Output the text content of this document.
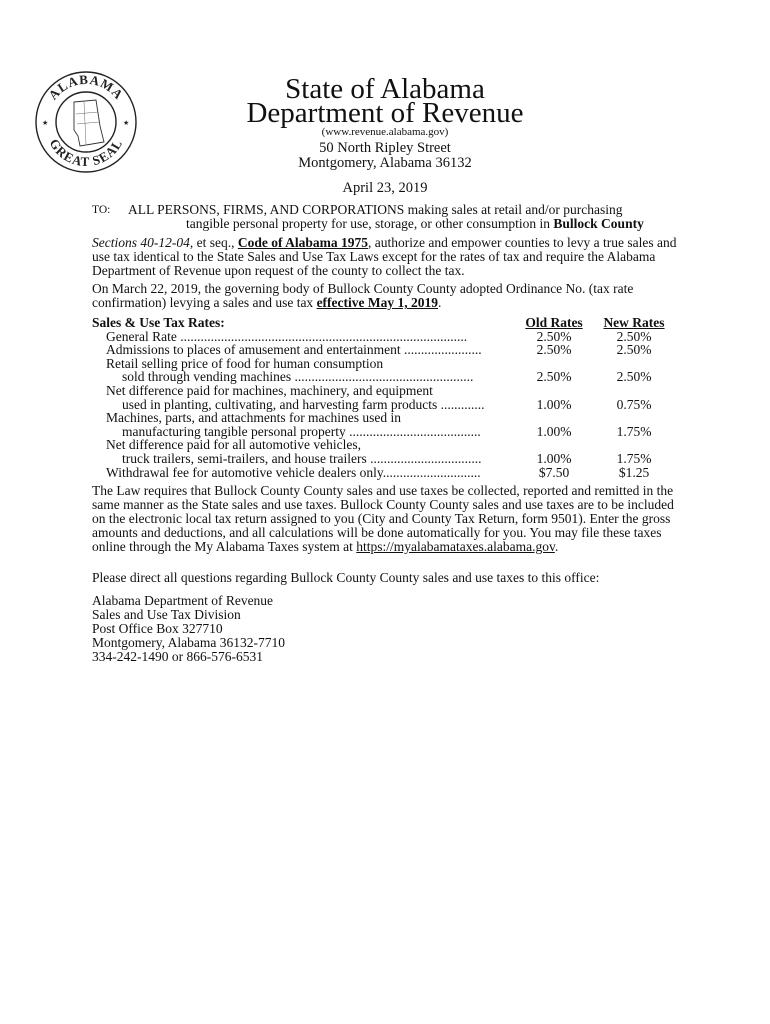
ALABAMA
GREAT SEAL
★	★
State of Alabama
Department of Revenue
(www.revenue.alabama.gov)
50 North Ripley Street
Montgomery, Alabama 36132
April 23, 2019
TO: ALL PERSONS, FIRMS, AND CORPORATIONS making sales at retail and/or purchasing
tangible personal property for use, storage, or other consumption in Bullock County
Sections 40-12-04, et seq., Code of Alabama 1975, authorize and empower counties to levy a true sales and use tax identical to the State Sales and Use Tax Laws except for the rates of tax and require the Alabama Department of Revenue upon request of the county to collect the tax.
On March 22, 2019, the governing body of Bullock County County adopted Ordinance No. (tax rate confirmation) levying a sales and use tax effective May 1, 2019.
Sales & Use Tax Rates:	Old Rates	New Rates
General Rate .....................................................................................	2.50%	2.50%
Admissions to places of amusement and entertainment .......................	2.50%	2.50%
Retail selling price of food for human consumption
sold through vending machines .....................................................	2.50%	2.50%
Net difference paid for machines, machinery, and equipment
used in planting, cultivating, and harvesting farm products .............	1.00%	0.75%
Machines, parts, and attachments for machines used in
manufacturing tangible personal property .......................................	1.00%	1.75%
Net difference paid for all automotive vehicles,
truck trailers, semi-trailers, and house trailers .................................	1.00%	1.75%
Withdrawal fee for automotive vehicle dealers only.............................	$7.50	$1.25
The Law requires that Bullock County County sales and use taxes be collected, reported and remitted in the same manner as the State sales and use taxes. Bullock County County sales and use taxes are to be included on the electronic local tax return assigned to you (City and County Tax Return, form 9501). Enter the gross amounts and deductions, and all calculations will be done automatically for you. You may file these taxes online through the My Alabama Taxes system at https://myalabamataxes.alabama.gov.
Please direct all questions regarding Bullock County County sales and use taxes to this office:
Alabama Department of Revenue
Sales and Use Tax Division
Post Office Box 327710
Montgomery, Alabama 36132-7710
334-242-1490 or 866-576-6531
